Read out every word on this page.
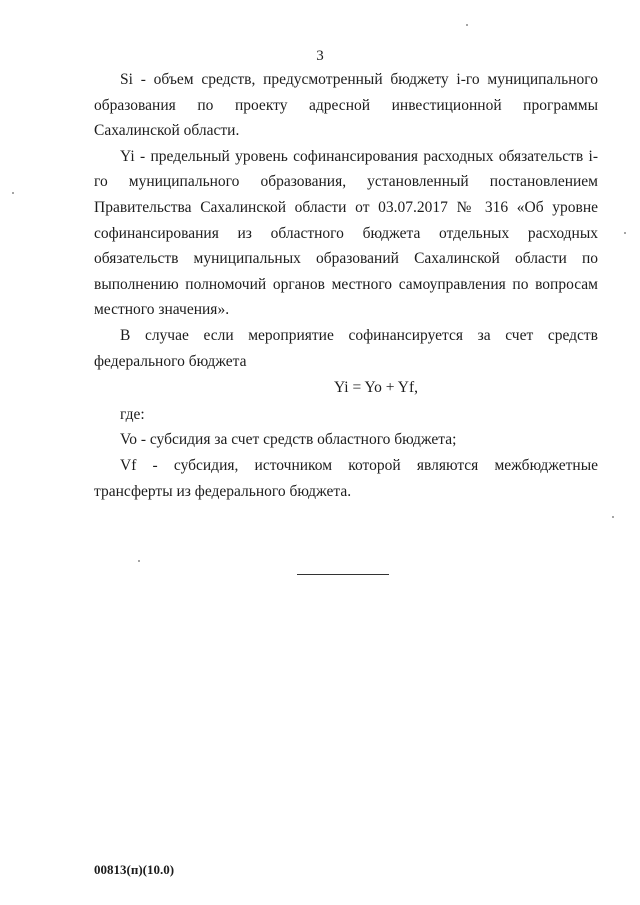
3

Si - объем средств, предусмотренный бюджету i-го муниципального образования по проекту адресной инвестиционной программы Сахалинской области.

Yi - предельный уровень софинансирования расходных обязательств i-го муниципального образования, установленный постановлением Правительства Сахалинской области от 03.07.2017 № 316 «Об уровне софинансирования из областного бюджета отдельных расходных обязательств муниципальных образований Сахалинской области по выполнению полномочий органов местного самоуправления по вопросам местного значения».

В случае если мероприятие софинансируется за счет средств федерального бюджета

Yi = Yo + Yf,

где:

Vo - субсидия за счет средств областного бюджета;

Vf - субсидия, источником которой являются межбюджетные трансферты из федерального бюджета.

00813(п)(10.0)
